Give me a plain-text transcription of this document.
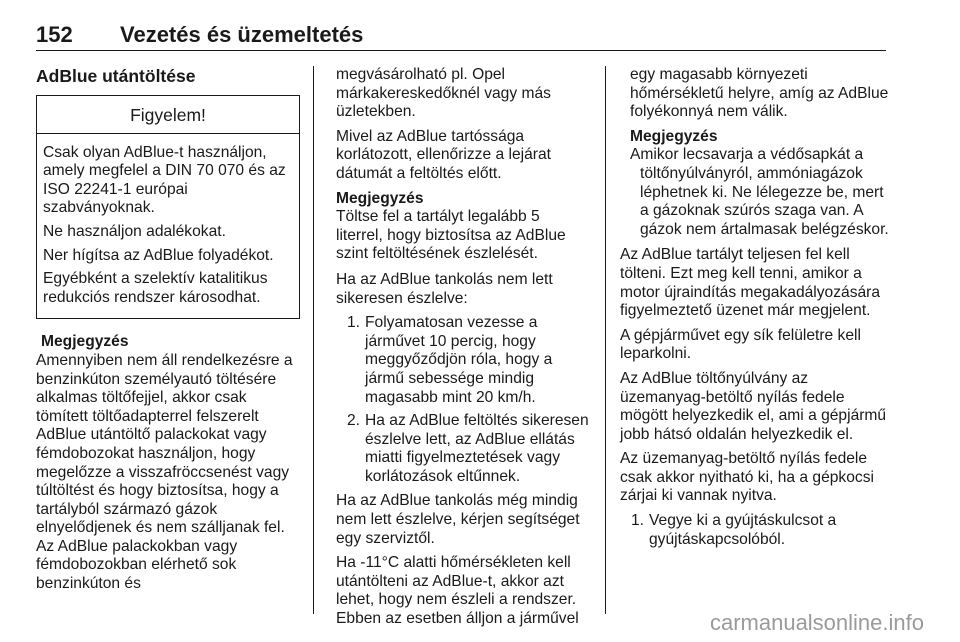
152 Vezetés és üzemeltetés
AdBlue utántöltése
Figyelem!

Csak olyan AdBlue-t használjon, amely megfelel a DIN 70 070 és az ISO 22241-1 európai szabványoknak.

Ne használjon adalékokat.

Ner hígítsa az AdBlue folyadékot.

Egyébként a szelektív katalitikus redukciós rendszer károsodhat.

Megjegyzés
Amennyiben nem áll rendelkezésre a benzinkúton személyautó töltésére alkalmas töltőfejjel, akkor csak tömített töltőadapterrel felszerelt AdBlue utántöltő palackokat vagy fémdobozokat használjon, hogy megelőzze a visszafröccsenést vagy túltöltést és hogy biztosítsa, hogy a tartályból származó gázok elnyelődjenek és nem szálljanak fel. Az AdBlue palackokban vagy fémdobozokban elérhető sok benzinkúton és

megvásárolható pl. Opel márkakereskedőknél vagy más üzletekben.

Mivel az AdBlue tartóssága korlátozott, ellenőrizze a lejárat dátumát a feltöltés előtt.

Megjegyzés
Töltse fel a tartályt legalább 5 literrel, hogy biztosítsa az AdBlue szint feltöltésének észlelését.

Ha az AdBlue tankolás nem lett sikeresen észlelve:

1. Folyamatosan vezesse a járművet 10 percig, hogy meggyőződjön róla, hogy a jármű sebessége mindig magasabb mint 20 km/h.
2. Ha az AdBlue feltöltés sikeresen észlelve lett, az AdBlue ellátás miatti figyelmeztetések vagy korlátozások eltűnnek.

Ha az AdBlue tankolás még mindig nem lett észlelve, kérjen segítséget egy szerviztől.

Ha -11°C alatti hőmérsékleten kell utántölteni az AdBlue-t, akkor azt lehet, hogy nem észleli a rendszer. Ebben az esetben álljon a járművel

egy magasabb környezeti hőmérsékletű helyre, amíg az AdBlue folyékonnyá nem válik.

Megjegyzés
Amikor lecsavarja a védősapkát a töltőnyúlványról, ammóniagázok léphetnek ki. Ne lélegezze be, mert a gázoknak szúrós szaga van. A gázok nem ártalmasak belégzéskor.

Az AdBlue tartályt teljesen fel kell tölteni. Ezt meg kell tenni, amikor a motor újraindítás megakadályozására figyelmeztető üzenet már megjelent.

A gépjárművet egy sík felületre kell leparkolni.

Az AdBlue töltőnyúlvány az üzemanyag-betöltő nyílás fedele mögött helyezkedik el, ami a gépjármű jobb hátsó oldalán helyezkedik el.

Az üzemanyag-betöltő nyílás fedele csak akkor nyitható ki, ha a gépkocsi zárjai ki vannak nyitva.

1. Vegye ki a gyújtáskulcsot a gyújtáskapcsolóból.
carmanualsonline.info
